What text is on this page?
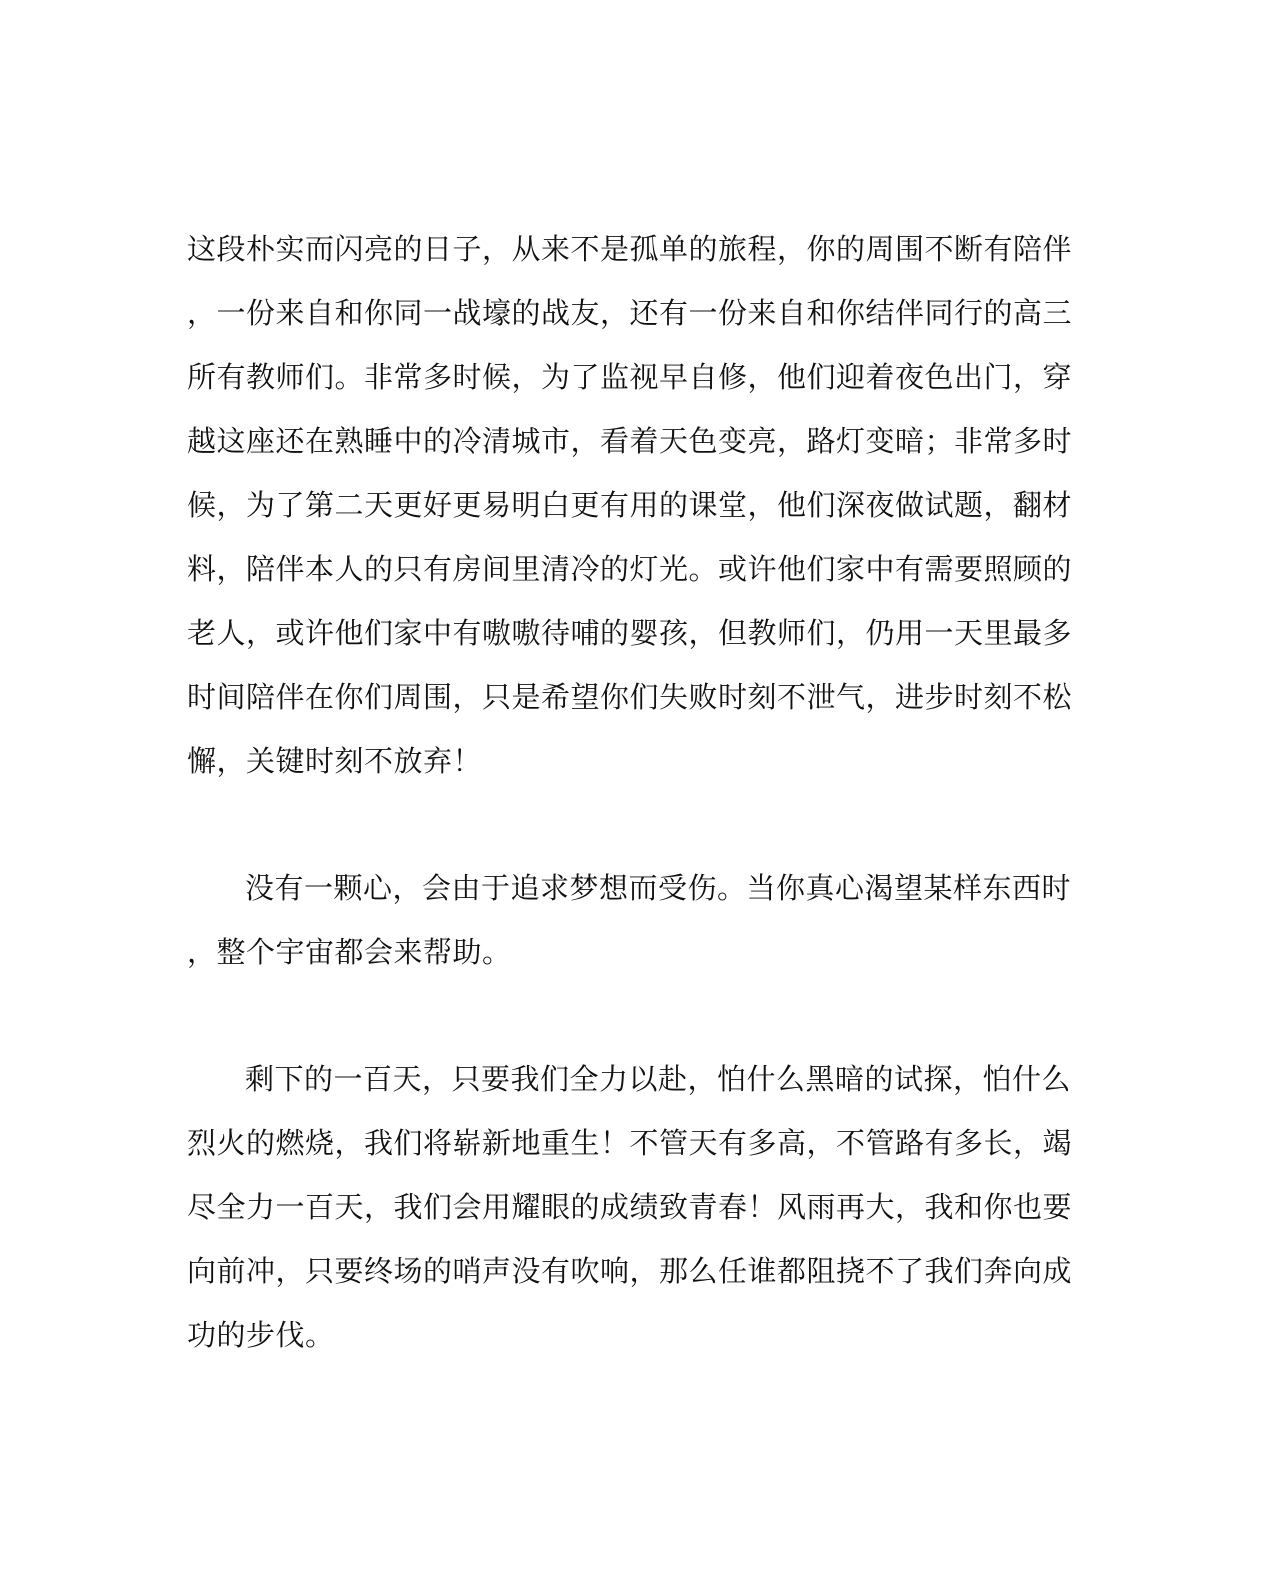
这段朴实而闪亮的日子，从来不是孤单的旅程，你的周围不断有陪伴
，一份来自和你同一战壕的战友，还有一份来自和你结伴同行的高三
所有教师们。非常多时候，为了监视早自修，他们迎着夜色出门，穿
越这座还在熟睡中的冷清城市，看着天色变亮，路灯变暗；非常多时
候，为了第二天更好更易明白更有用的课堂，他们深夜做试题，翻材
料，陪伴本人的只有房间里清冷的灯光。或许他们家中有需要照顾的
老人，或许他们家中有嗷嗷待哺的婴孩，但教师们，仍用一天里最多
时间陪伴在你们周围，只是希望你们失败时刻不泄气，进步时刻不松
懈，关键时刻不放弃！
没有一颗心，会由于追求梦想而受伤。当你真心渴望某样东西时
，整个宇宙都会来帮助。
剩下的一百天，只要我们全力以赴，怕什么黑暗的试探，怕什么
烈火的燃烧，我们将崭新地重生！不管天有多高，不管路有多长，竭
尽全力一百天，我们会用耀眼的成绩致青春！风雨再大，我和你也要
向前冲，只要终场的哨声没有吹响，那么任谁都阻挠不了我们奔向成
功的步伐。
